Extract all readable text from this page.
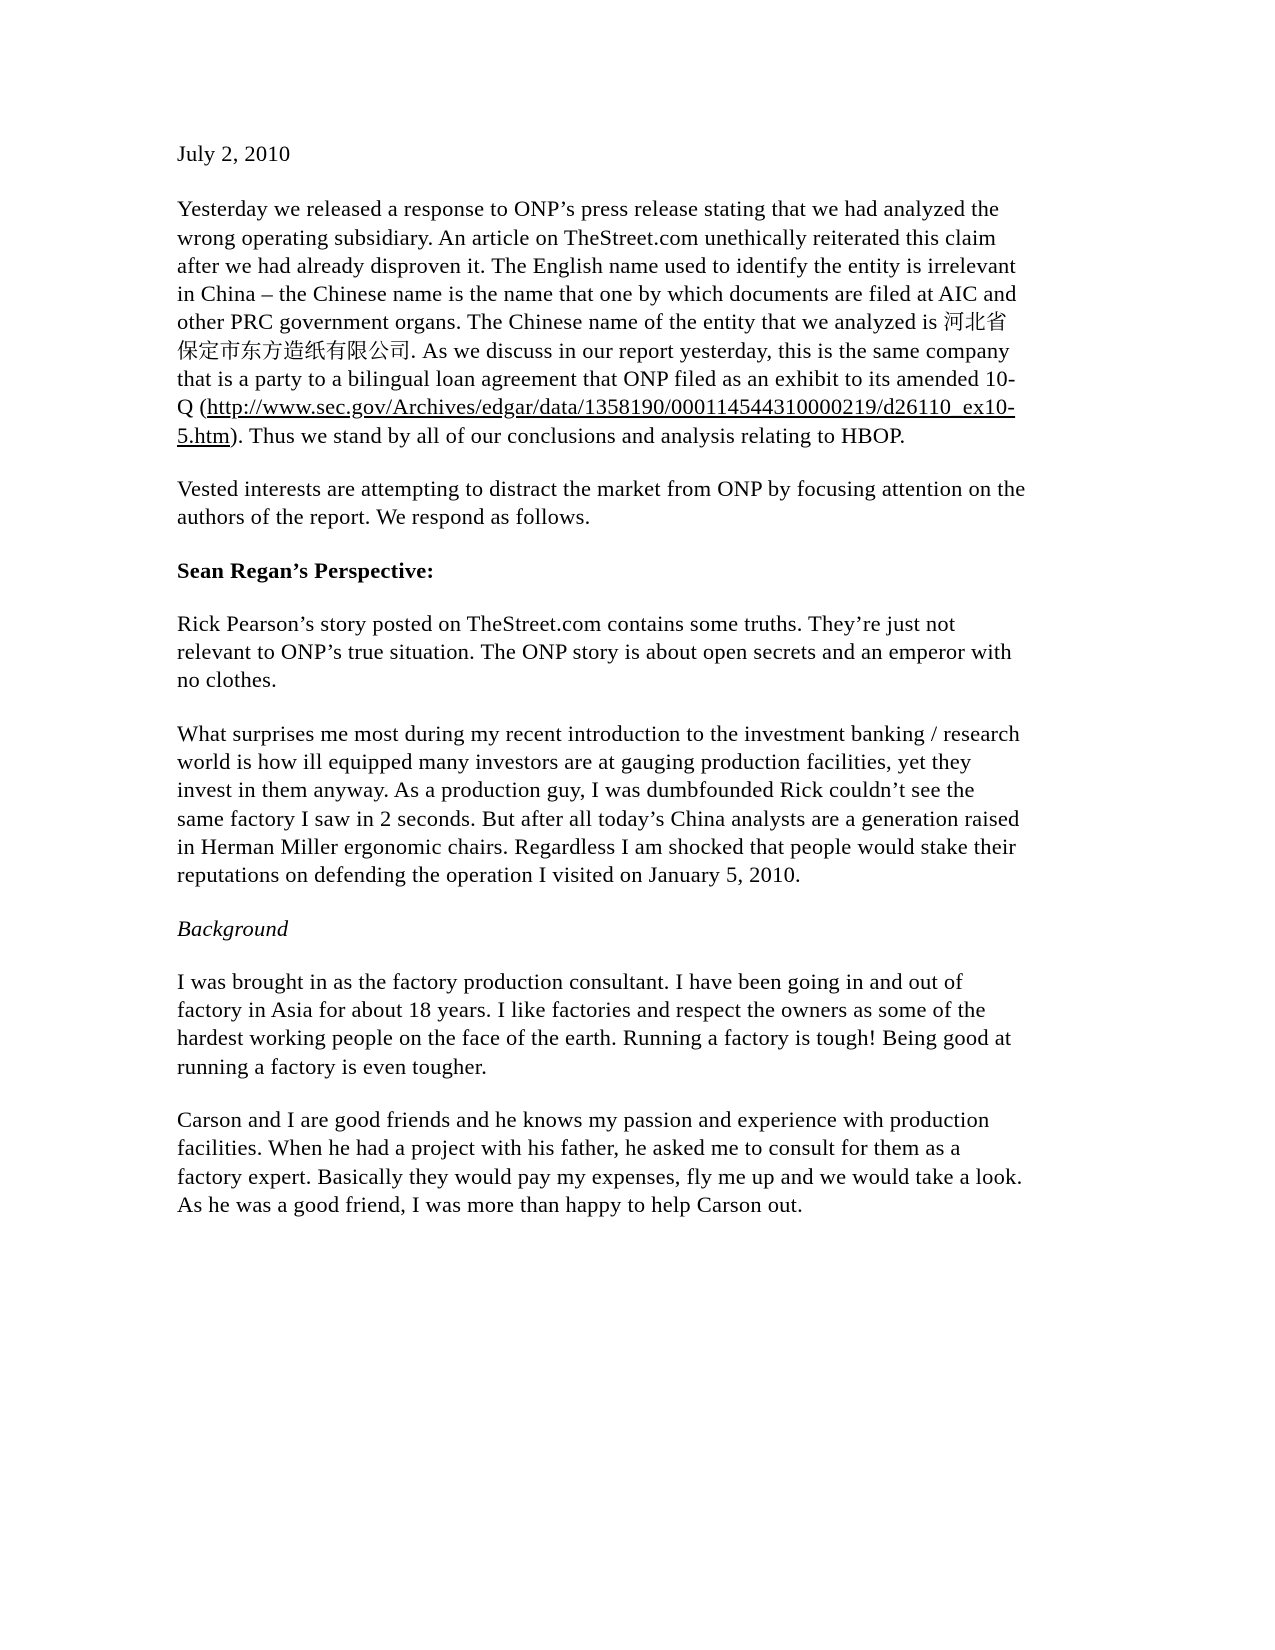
July 2, 2010

Yesterday we released a response to ONP’s press release stating that we had analyzed the wrong operating subsidiary. An article on TheStreet.com unethically reiterated this claim after we had already disproven it. The English name used to identify the entity is irrelevant in China – the Chinese name is the name that one by which documents are filed at AIC and other PRC government organs. The Chinese name of the entity that we analyzed is 河北省保定市东方造纸有限公司. As we discuss in our report yesterday, this is the same company that is a party to a bilingual loan agreement that ONP filed as an exhibit to its amended 10-Q (http://www.sec.gov/Archives/edgar/data/1358190/000114544310000219/d26110_ex10-5.htm). Thus we stand by all of our conclusions and analysis relating to HBOP.

Vested interests are attempting to distract the market from ONP by focusing attention on the authors of the report. We respond as follows.

Sean Regan’s Perspective:

Rick Pearson’s story posted on TheStreet.com contains some truths. They’re just not relevant to ONP’s true situation. The ONP story is about open secrets and an emperor with no clothes.

What surprises me most during my recent introduction to the investment banking / research world is how ill equipped many investors are at gauging production facilities, yet they invest in them anyway. As a production guy, I was dumbfounded Rick couldn’t see the same factory I saw in 2 seconds. But after all today’s China analysts are a generation raised in Herman Miller ergonomic chairs. Regardless I am shocked that people would stake their reputations on defending the operation I visited on January 5, 2010.

Background

I was brought in as the factory production consultant. I have been going in and out of factory in Asia for about 18 years. I like factories and respect the owners as some of the hardest working people on the face of the earth. Running a factory is tough! Being good at running a factory is even tougher.

Carson and I are good friends and he knows my passion and experience with production facilities. When he had a project with his father, he asked me to consult for them as a factory expert. Basically they would pay my expenses, fly me up and we would take a look. As he was a good friend, I was more than happy to help Carson out.
